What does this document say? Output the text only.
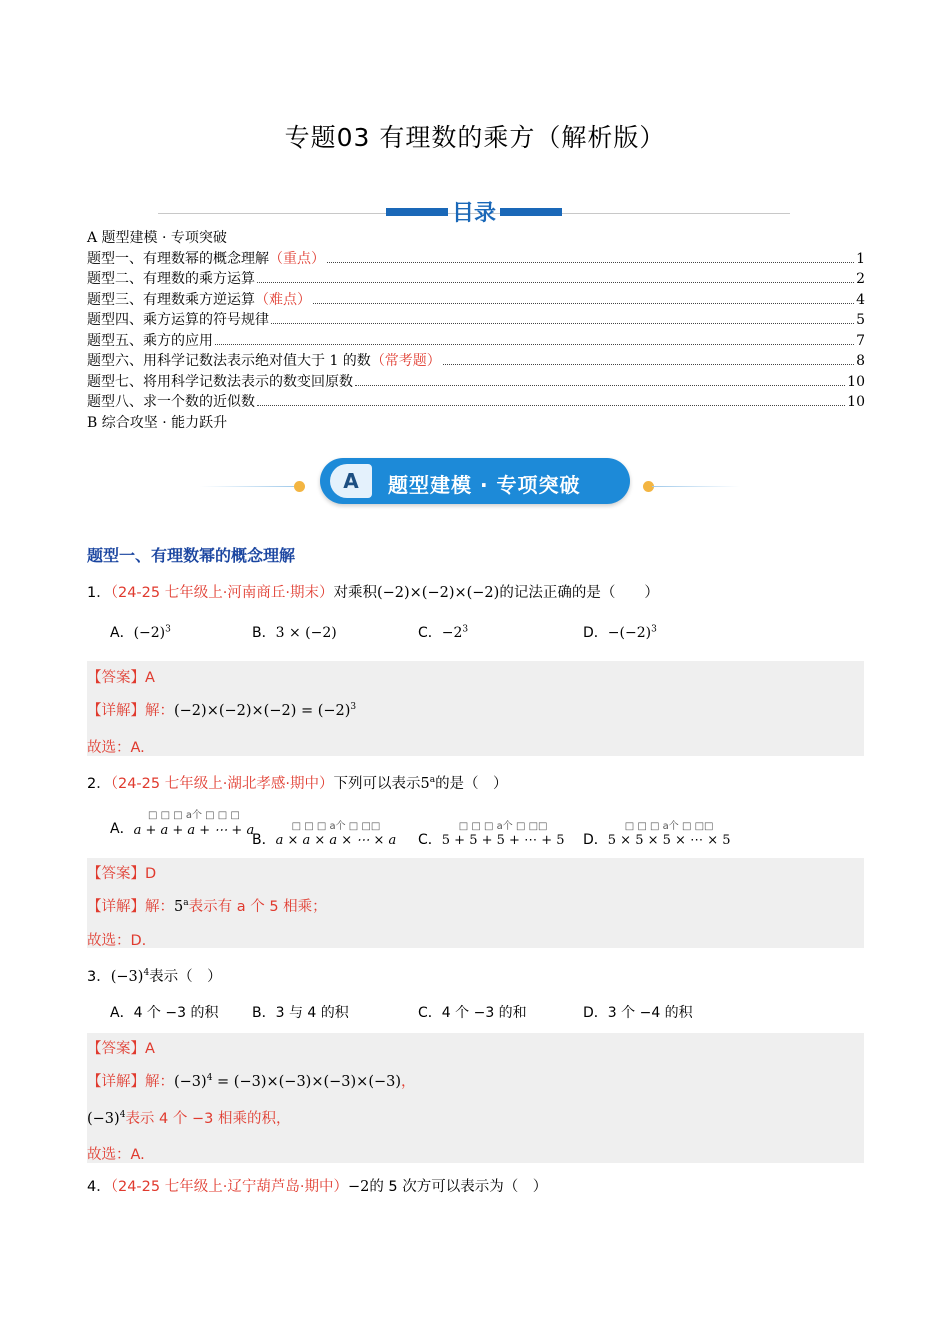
专题03 有理数的乘方（解析版）
目录
A 题型建模 · 专项突破
题型一、有理数幂的概念理解 （重点）	1
题型二、有理数的乘方运算	2
题型三、有理数乘方逆运算 （难点）	4
题型四、乘方运算的符号规律	5
题型五、乘方的应用	7
题型六、用科学记数法表示绝对值大于 1 的数 （常考题）	8
题型七、将用科学记数法表示的数变回原数	10
题型八、求一个数的近似数	10
B 综合攻坚 · 能力跃升
A	题型建模 · 专项突破
题型一、有理数幂的概念理解
1．（24-25 七年级上·河南商丘·期末）对乘积(−2)×(−2)×(−2)的记法正确的是（　　）
A．$(-2)^3$	B．3 × (−2)	C．$-2^3$	D．$-(-2)^3$
【答案】A
【详解】解：$(-2)\times(-2)\times(-2) = (-2)^3$
故选：A.
2．（24-25 七年级上·湖北孝感·期中）下列可以表示5$^a$的是（　）
A．□ □ □ a个 □ □ □
a + a + a + ⋯ + a
B．□ □ □ a个 □ □□
a × a × a × ⋯ × a C．□ □ □ a个 □ □□
5 + 5 + 5 + ⋯ + 5 D．□ □ □ a个 □ □□
5 × 5 × 5 × ⋯ × 5
【答案】D
【详解】解：5$^a$表示有 a 个 5 相乘；
故选：D.
3．$(-3)^4$表示（　）
A．4 个 −3 的积 B．3 与 4 的积	C．4 个 −3 的和	D．3 个 −4 的积
【答案】A
【详解】解：$(-3)^4 = (-3)\times(-3)\times(-3)\times(-3)$，
$(-3)^4$表示 4 个 −3 相乘的积，
故选：A.
4．（24-25 七年级上·辽宁葫芦岛·期中）−2的 5 次方可以表示为（　）
